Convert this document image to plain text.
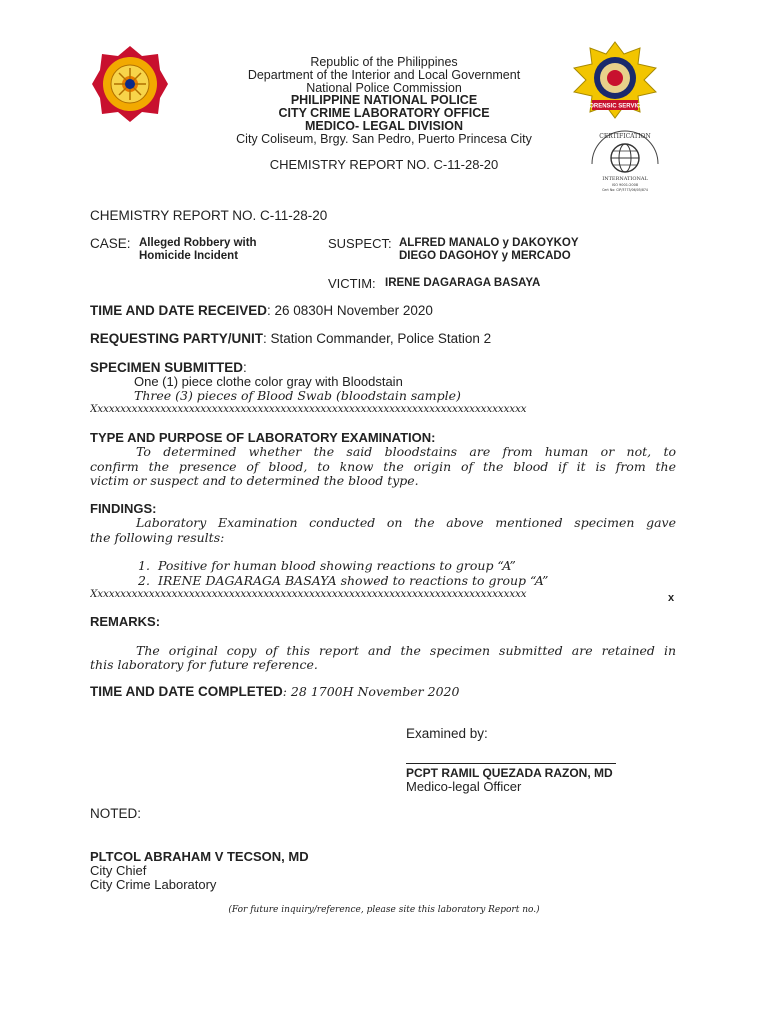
Republic of the Philippines
Department of the Interior and Local Government
National Police Commission
PHILIPPINE NATIONAL POLICE
CITY CRIME LABORATORY OFFICE
MEDICO- LEGAL DIVISION
City Coliseum, Brgy. San Pedro, Puerto Princesa City
CHEMISTRY REPORT NO. C-11-28-20
FORENSIC SERVICE
CERTIFICATION
INTERNATIONAL
ISO 9001:2008
Cert No: CIP/3773/06/05/874
CHEMISTRY REPORT NO. C-11-28-20
CASE: Alleged Robbery with
Homicide Incident
SUSPECT: ALFRED MANALO y DAKOYKOY
DIEGO DAGOHOY y MERCADO
VICTIM: IRENE DAGARAGA BASAYA
TIME AND DATE RECEIVED: 26 0830H November 2020
REQUESTING PARTY/UNIT: Station Commander, Police Station 2
SPECIMEN SUBMITTED:
One (1) piece clothe color gray with Bloodstain
Three (3) pieces of Blood Swab (bloodstain sample)
Xxxxxxxxxxxxxxxxxxxxxxxxxxxxxxxxxxxxxxxxxxxxxxxxxxxxxxxxxxxxxxxxxxxxxxxxxxxx
TYPE AND PURPOSE OF LABORATORY EXAMINATION:
To determined whether the said bloodstains are from human or not, to
confirm the presence of blood, to know the origin of the blood if it is from the
victim or suspect and to determined the blood type.
FINDINGS:
Laboratory Examination conducted on the above mentioned specimen gave
the following results:
1. Positive for human blood showing reactions to group “A”
2. IRENE DAGARAGA BASAYA showed to reactions to group “A”
Xxxxxxxxxxxxxxxxxxxxxxxxxxxxxxxxxxxxxxxxxxxxxxxxxxxxxxxxxxxxxxxxxxxxxxxxxxxx	x
REMARKS:
The original copy of this report and the specimen submitted are retained in
this laboratory for future reference.
TIME AND DATE COMPLETED: 28 1700H November 2020
Examined by:
PCPT RAMIL QUEZADA RAZON, MD
Medico-legal Officer
NOTED:
PLTCOL ABRAHAM V TECSON, MD
City Chief
City Crime Laboratory
(For future inquiry/reference, please site this laboratory Report no.)
